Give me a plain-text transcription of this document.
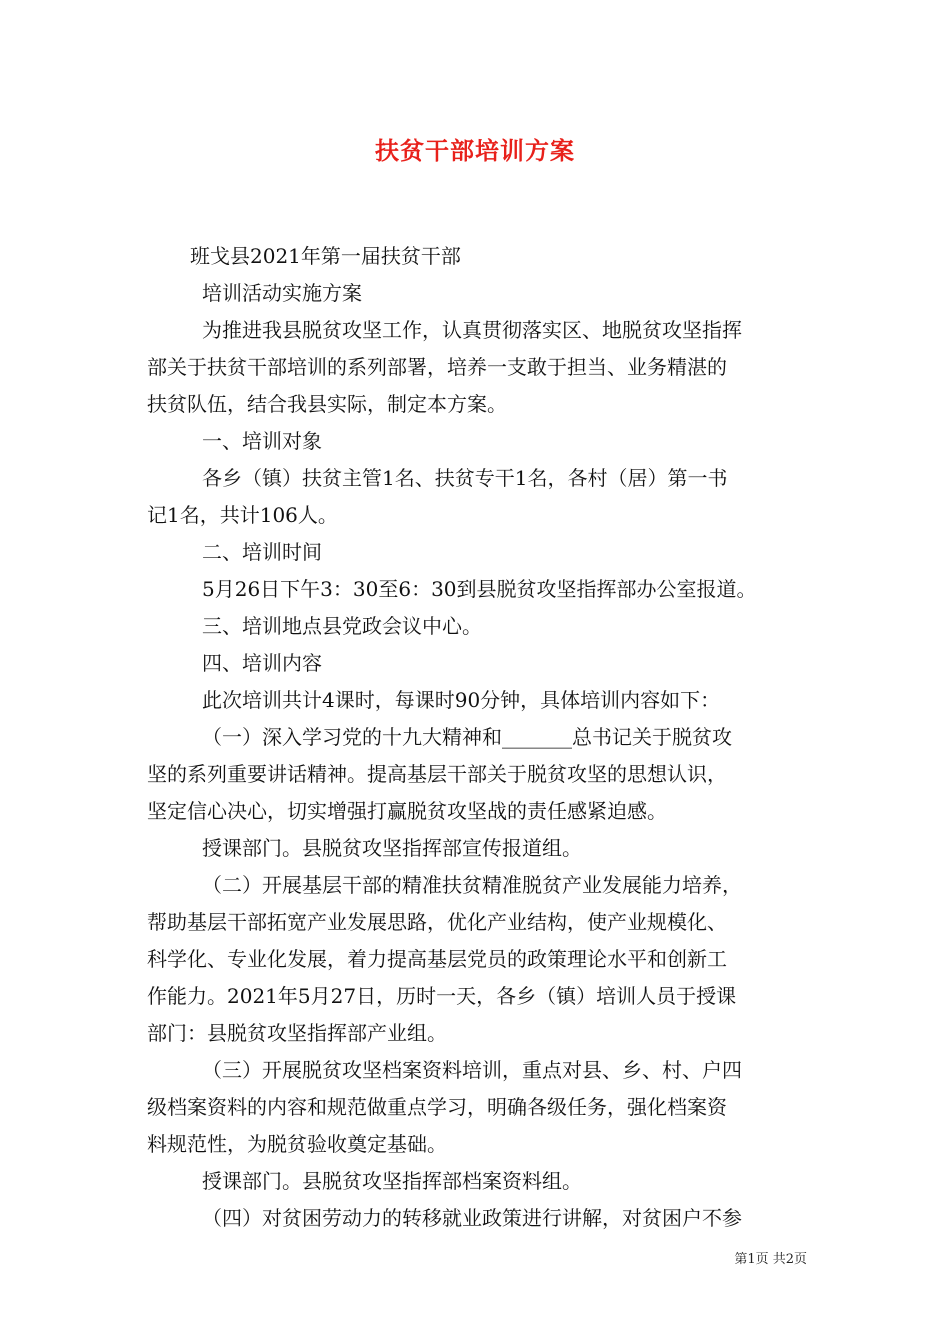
扶贫干部培训方案
班戈县2021年第一届扶贫干部
培训活动实施方案
为推进我县脱贫攻坚工作，认真贯彻落实区、地脱贫攻坚指挥
部关于扶贫干部培训的系列部署，培养一支敢于担当、业务精湛的
扶贫队伍，结合我县实际，制定本方案。
一、培训对象
各乡（镇）扶贫主管1名、扶贫专干1名，各村（居）第一书
记1名，共计106人。
二、培训时间
5月26日下午3：30至6：30到县脱贫攻坚指挥部办公室报道。
三、培训地点县党政会议中心。
四、培训内容
此次培训共计4课时，每课时90分钟，具体培训内容如下：
（一）深入学习党的十九大精神和_______总书记关于脱贫攻
坚的系列重要讲话精神。提高基层干部关于脱贫攻坚的思想认识，
坚定信心决心，切实增强打赢脱贫攻坚战的责任感紧迫感。
授课部门。县脱贫攻坚指挥部宣传报道组。
（二）开展基层干部的精准扶贫精准脱贫产业发展能力培养，
帮助基层干部拓宽产业发展思路，优化产业结构，使产业规模化、
科学化、专业化发展，着力提高基层党员的政策理论水平和创新工
作能力。2021年5月27日，历时一天，各乡（镇）培训人员于授课
部门：县脱贫攻坚指挥部产业组。
（三）开展脱贫攻坚档案资料培训，重点对县、乡、村、户四
级档案资料的内容和规范做重点学习，明确各级任务，强化档案资
料规范性，为脱贫验收奠定基础。
授课部门。县脱贫攻坚指挥部档案资料组。
（四）对贫困劳动力的转移就业政策进行讲解，对贫困户不参
第1页 共2页
